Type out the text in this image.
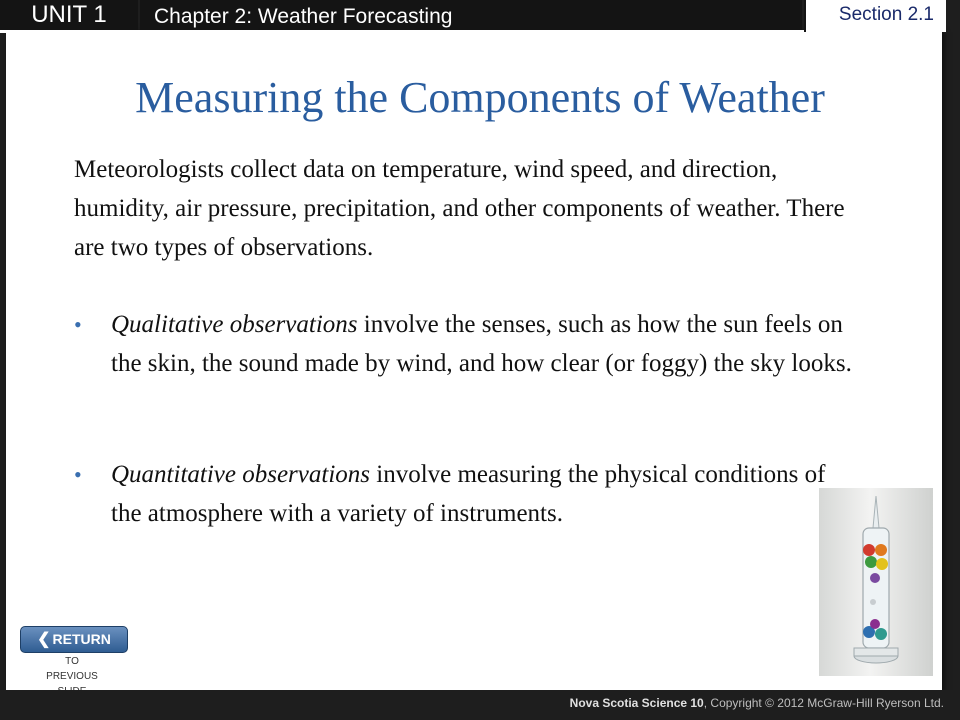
UNIT 1	Chapter 2: Weather Forecasting	Section 2.1
Measuring the Components of Weather
Meteorologists collect data on temperature, wind speed, and direction, humidity, air pressure, precipitation, and other components of weather. There are two types of observations.
• Qualitative observations involve the senses, such as how the sun feels on the skin, the sound made by wind, and how clear (or foggy) the sky looks.
• Quantitative observations involve measuring the physical conditions of the atmosphere with a variety of instruments.
❮ RETURN
TO PREVIOUS
Nova Scotia Science 10, Copyright © 2012 McGraw-Hill Ryerson Ltd.
